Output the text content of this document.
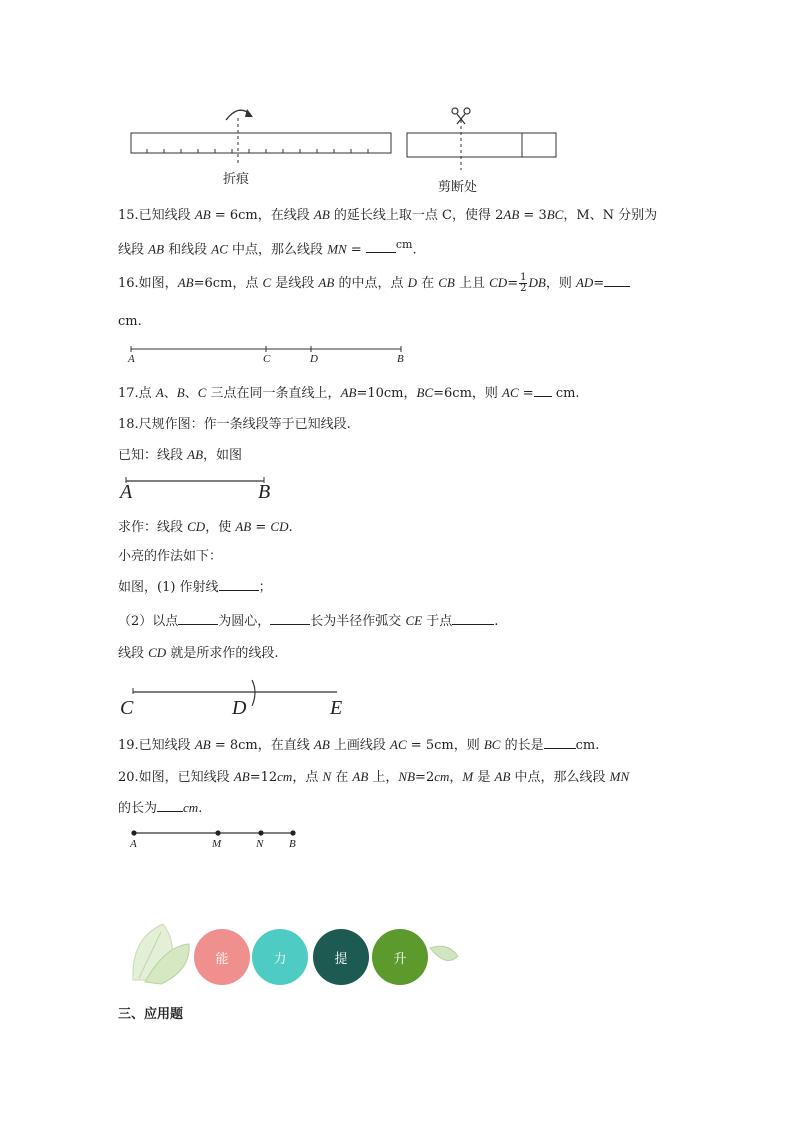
折痕
剪断处
15.已知线段 AB = 6cm，在线段 AB 的延长线上取一点 C，使得 2AB = 3BC，M、N 分别为
线段 AB 和线段 AC 中点，那么线段 MN =	$^{cm}$.
16.如图，AB=6cm，点 C 是线段 AB 的中点，点 D 在 CB 上且 $CD= \frac{1}{2}$ DB，则 AD=
cm.
A	C	D	B
17.点 A、B、C 三点在同一条直线上，AB=10cm，BC=6cm，则 AC = cm.
18.尺规作图：作一条线段等于已知线段.
已知：线段 AB，如图
A	B
求作：线段 CD，使 AB = CD.
小亮的作法如下：
如图，(1) 作射线	；
（2）以点	为圆心，	长为半径作弧交 CE 于点	.
线段 CD 就是所求作的线段.
C	D	E
19.已知线段 AB = 8cm，在直线 AB 上画线段 AC = 5cm，则 BC 的长是 cm.
20.如图，已知线段 AB=12cm，点 N 在 AB 上，NB=2cm，M 是 AB 中点，那么线段 MN
的长为 cm.
A	M	N B
能	力	提	升
三、应用题
